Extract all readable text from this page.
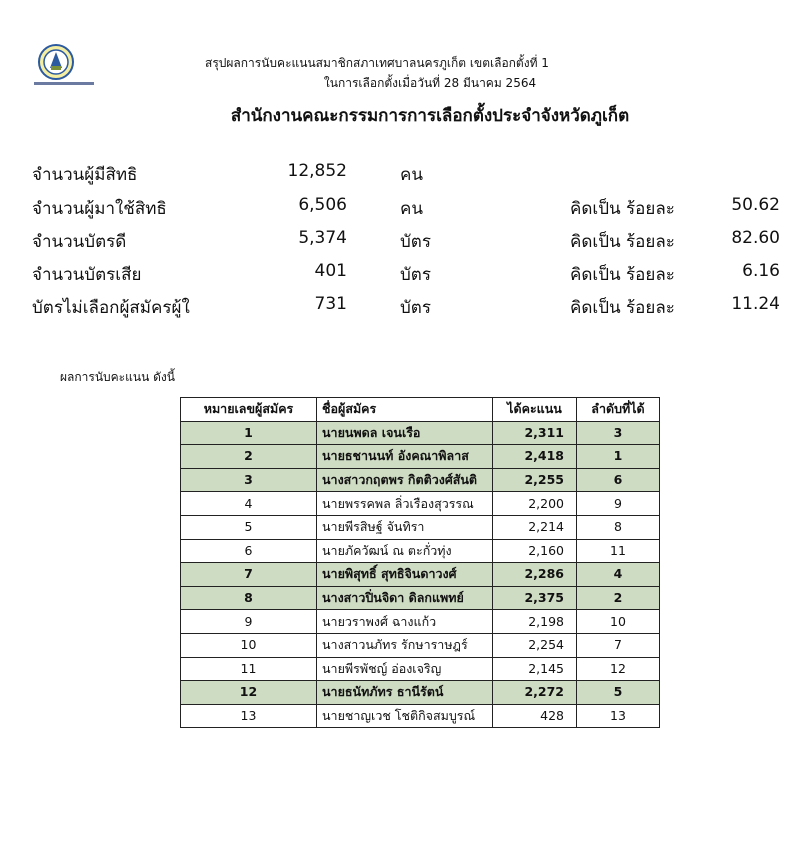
สรุปผลการนับคะแนนสมาชิกสภาเทศบาลนครภูเก็ต เขตเลือกตั้งที่ 1
ในการเลือกตั้งเมื่อวันที่ 28 มีนาคม 2564
สำนักงานคณะกรรมการการเลือกตั้งประจำจังหวัดภูเก็ต
จำนวนผู้มีสิทธิ	12,852	คน
จำนวนผู้มาใช้สิทธิ	6,506	คน	คิดเป็น ร้อยละ	50.62
จำนวนบัตรดี	5,374	บัตร	คิดเป็น ร้อยละ	82.60
จำนวนบัตรเสีย	401	บัตร	คิดเป็น ร้อยละ	6.16
บัตรไม่เลือกผู้สมัครผู้ใ	731	บัตร	คิดเป็น ร้อยละ	11.24
ผลการนับคะแนน ดังนี้
หมายเลขผู้สมัคร	ชื่อผู้สมัคร	ได้คะแนน	ลำดับที่ได้
1	นายนพดล เจนเรือ	2,311	3
2	นายธชานนท์ อังคณาพิลาส	2,418	1
3	นางสาวกฤตพร กิตติวงศ์สันติ	2,255	6
4	นายพรรคพล ลิ่วเรืองสุวรรณ	2,200	9
5	นายพีรสิษฐ์ จันทิรา	2,214	8
6	นายภัควัฒน์ ณ ตะกั่วทุ่ง	2,160	11
7	นายพิสุทธิ์ สุทธิจินดาวงศ์	2,286	4
8	นางสาวปิ่นจิดา ดิลกแพทย์	2,375	2
9	นายวราพงศ์ ฉางแก้ว	2,198	10
10	นางสาวนภัทร รักษาราษฎร์	2,254	7
11	นายพีรพัชญ์ อ่องเจริญ	2,145	12
12	นายธนัทภัทร ธานีรัตน์	2,272	5
13	นายชาญเวช โชติกิจสมบูรณ์	428	13
